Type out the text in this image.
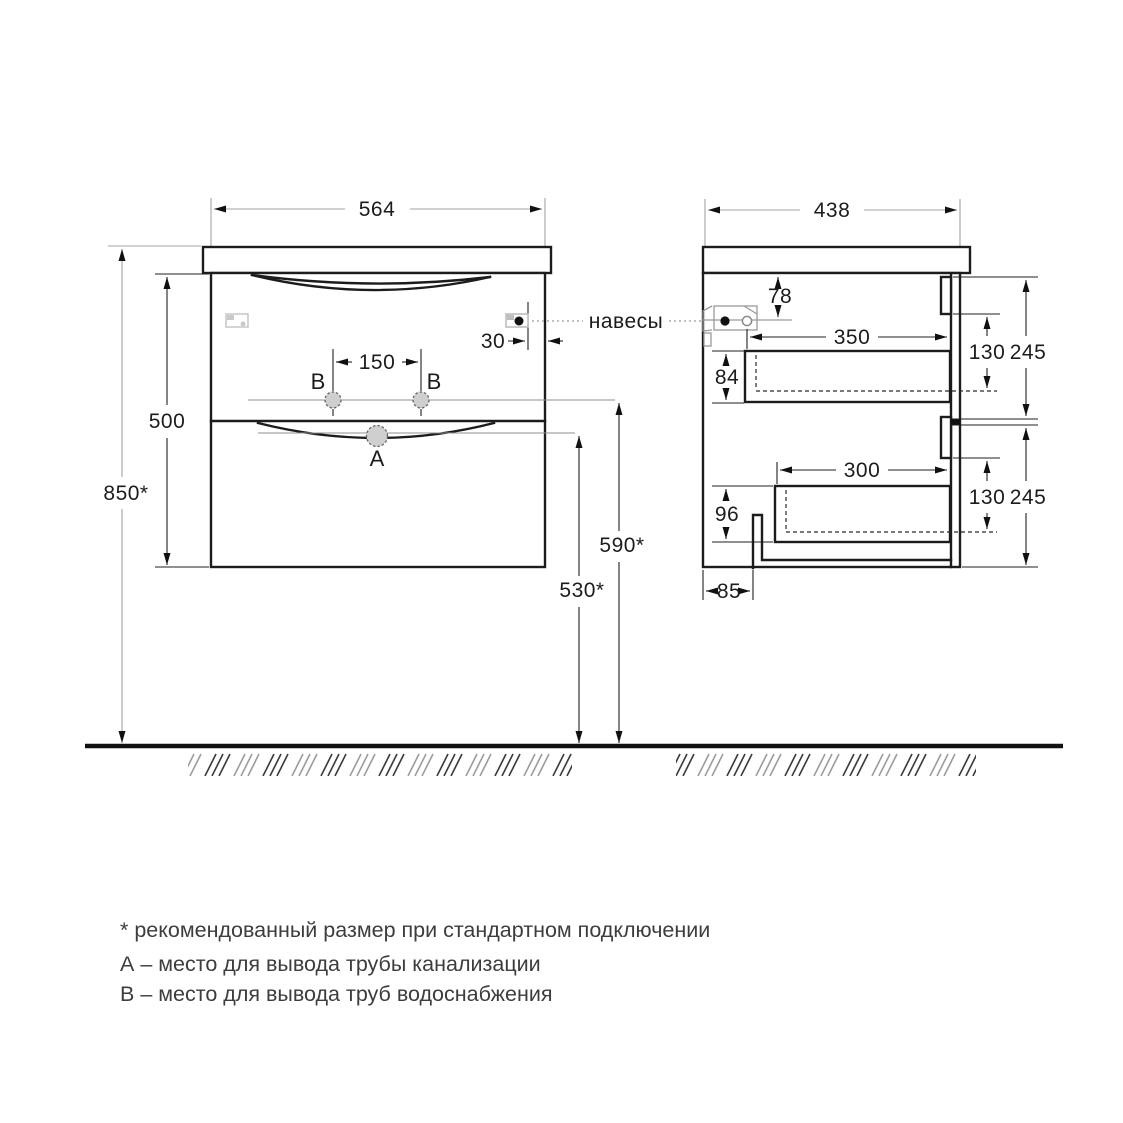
564
500
850*
150
В	В
А
30
навесы
590*
530*
438
78
350
84
130 245
300
96
130 245
85
* рекомендованный размер при стандартном подключении
А – место для вывода трубы канализации
В – место для вывода труб водоснабжения
